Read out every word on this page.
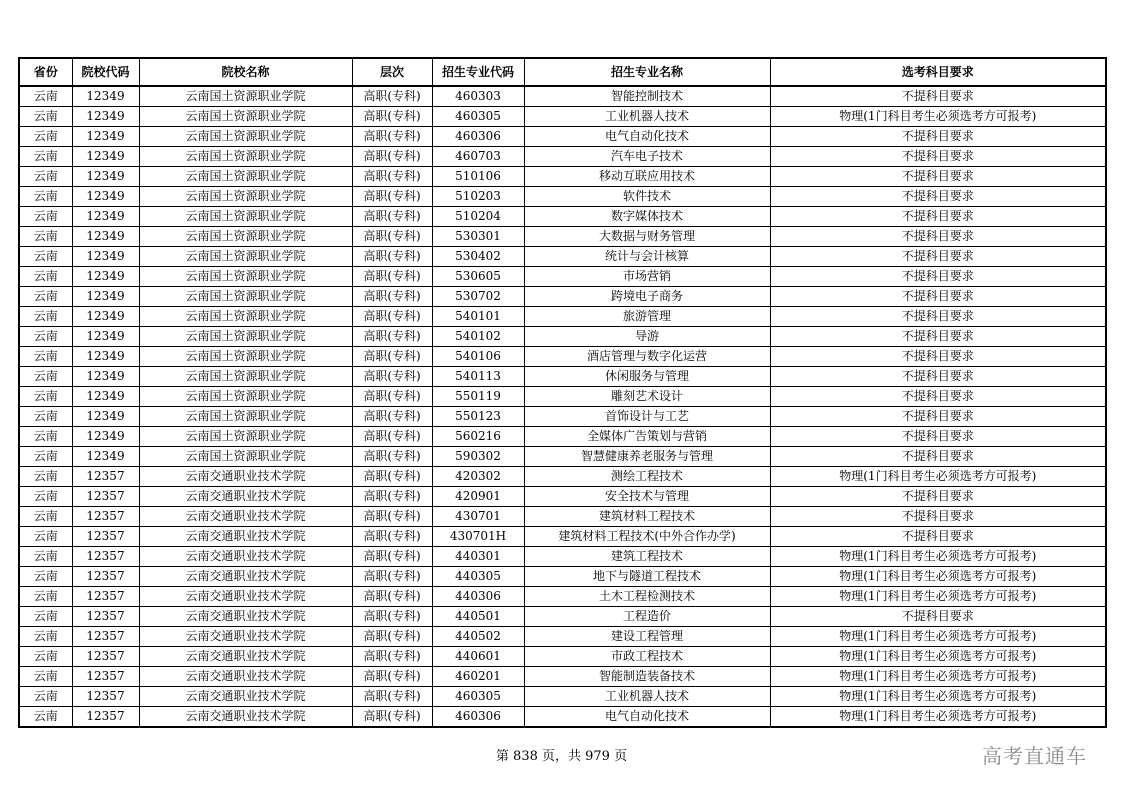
省份	院校代码	院校名称	层次	招生专业代码	招生专业名称	选考科目要求
云南	12349	云南国土资源职业学院	高职(专科)	460303	智能控制技术	不提科目要求
云南	12349	云南国土资源职业学院	高职(专科)	460305	工业机器人技术	物理(1门科目考生必须选考方可报考)
云南	12349	云南国土资源职业学院	高职(专科)	460306	电气自动化技术	不提科目要求
云南	12349	云南国土资源职业学院	高职(专科)	460703	汽车电子技术	不提科目要求
云南	12349	云南国土资源职业学院	高职(专科)	510106	移动互联应用技术	不提科目要求
云南	12349	云南国土资源职业学院	高职(专科)	510203	软件技术	不提科目要求
云南	12349	云南国土资源职业学院	高职(专科)	510204	数字媒体技术	不提科目要求
云南	12349	云南国土资源职业学院	高职(专科)	530301	大数据与财务管理	不提科目要求
云南	12349	云南国土资源职业学院	高职(专科)	530402	统计与会计核算	不提科目要求
云南	12349	云南国土资源职业学院	高职(专科)	530605	市场营销	不提科目要求
云南	12349	云南国土资源职业学院	高职(专科)	530702	跨境电子商务	不提科目要求
云南	12349	云南国土资源职业学院	高职(专科)	540101	旅游管理	不提科目要求
云南	12349	云南国土资源职业学院	高职(专科)	540102	导游	不提科目要求
云南	12349	云南国土资源职业学院	高职(专科)	540106	酒店管理与数字化运营	不提科目要求
云南	12349	云南国土资源职业学院	高职(专科)	540113	休闲服务与管理	不提科目要求
云南	12349	云南国土资源职业学院	高职(专科)	550119	雕刻艺术设计	不提科目要求
云南	12349	云南国土资源职业学院	高职(专科)	550123	首饰设计与工艺	不提科目要求
云南	12349	云南国土资源职业学院	高职(专科)	560216	全媒体广告策划与营销	不提科目要求
云南	12349	云南国土资源职业学院	高职(专科)	590302	智慧健康养老服务与管理	不提科目要求
云南	12357	云南交通职业技术学院	高职(专科)	420302	测绘工程技术	物理(1门科目考生必须选考方可报考)
云南	12357	云南交通职业技术学院	高职(专科)	420901	安全技术与管理	不提科目要求
云南	12357	云南交通职业技术学院	高职(专科)	430701	建筑材料工程技术	不提科目要求
云南	12357	云南交通职业技术学院	高职(专科)	430701H	建筑材料工程技术(中外合作办学)	不提科目要求
云南	12357	云南交通职业技术学院	高职(专科)	440301	建筑工程技术	物理(1门科目考生必须选考方可报考)
云南	12357	云南交通职业技术学院	高职(专科)	440305	地下与隧道工程技术	物理(1门科目考生必须选考方可报考)
云南	12357	云南交通职业技术学院	高职(专科)	440306	土木工程检测技术	物理(1门科目考生必须选考方可报考)
云南	12357	云南交通职业技术学院	高职(专科)	440501	工程造价	不提科目要求
云南	12357	云南交通职业技术学院	高职(专科)	440502	建设工程管理	物理(1门科目考生必须选考方可报考)
云南	12357	云南交通职业技术学院	高职(专科)	440601	市政工程技术	物理(1门科目考生必须选考方可报考)
云南	12357	云南交通职业技术学院	高职(专科)	460201	智能制造装备技术	物理(1门科目考生必须选考方可报考)
云南	12357	云南交通职业技术学院	高职(专科)	460305	工业机器人技术	物理(1门科目考生必须选考方可报考)
云南	12357	云南交通职业技术学院	高职(专科)	460306	电气自动化技术	物理(1门科目考生必须选考方可报考)
第 838 页，共 979 页	高考直通车
